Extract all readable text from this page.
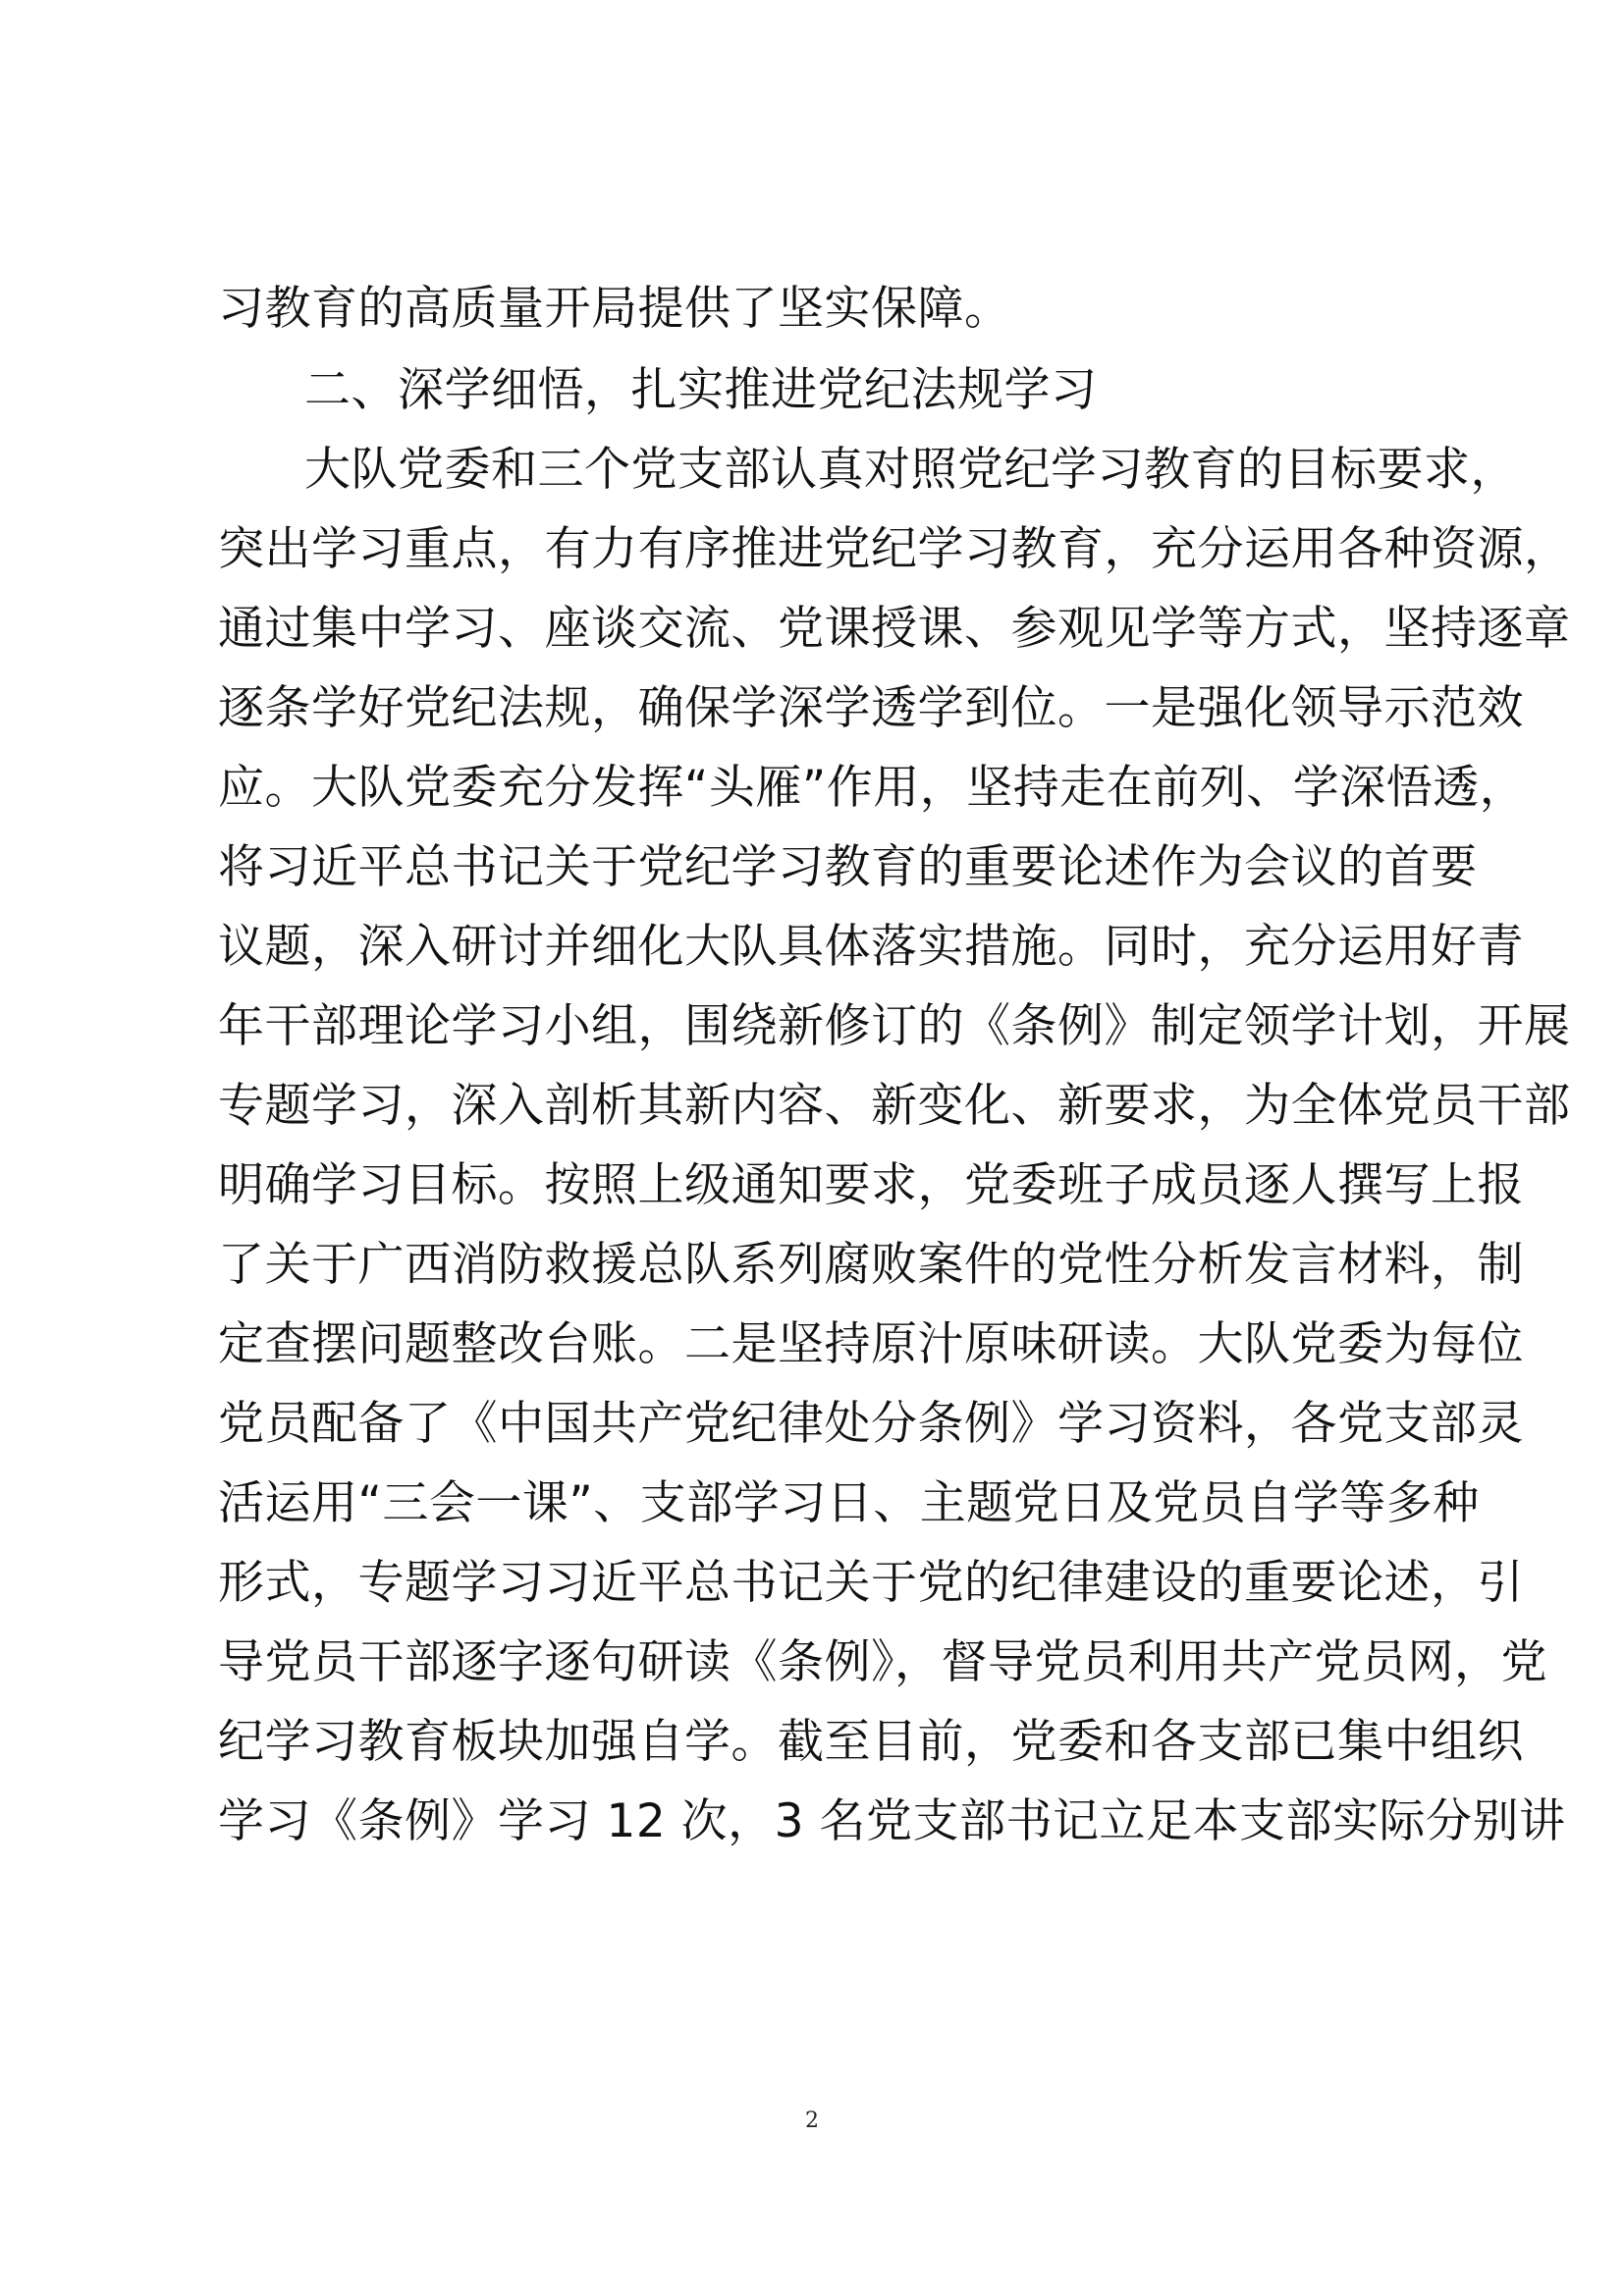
习教育的高质量开局提供了坚实保障。
二、深学细悟，扎实推进党纪法规学习
大队党委和三个党支部认真对照党纪学习教育的目标要求，
突出学习重点，有力有序推进党纪学习教育，充分运用各种资源，
通过集中学习、座谈交流、党课授课、参观见学等方式，坚持逐章
逐条学好党纪法规，确保学深学透学到位。一是强化领导示范效
应。大队党委充分发挥“头雁”作用，坚持走在前列、学深悟透，
将习近平总书记关于党纪学习教育的重要论述作为会议的首要
议题，深入研讨并细化大队具体落实措施。同时，充分运用好青
年干部理论学习小组，围绕新修订的《条例》制定领学计划，开展
专题学习，深入剖析其新内容、新变化、新要求，为全体党员干部
明确学习目标。按照上级通知要求，党委班子成员逐人撰写上报
了关于广西消防救援总队系列腐败案件的党性分析发言材料，制
定查摆问题整改台账。二是坚持原汁原味研读。大队党委为每位
党员配备了《中国共产党纪律处分条例》学习资料，各党支部灵
活运用“三会一课”、支部学习日、主题党日及党员自学等多种
形式，专题学习习近平总书记关于党的纪律建设的重要论述，引
导党员干部逐字逐句研读《条例》，督导党员利用共产党员网，党
纪学习教育板块加强自学。截至目前，党委和各支部已集中组织
学习《条例》学习 12 次，3 名党支部书记立足本支部实际分别讲
2
